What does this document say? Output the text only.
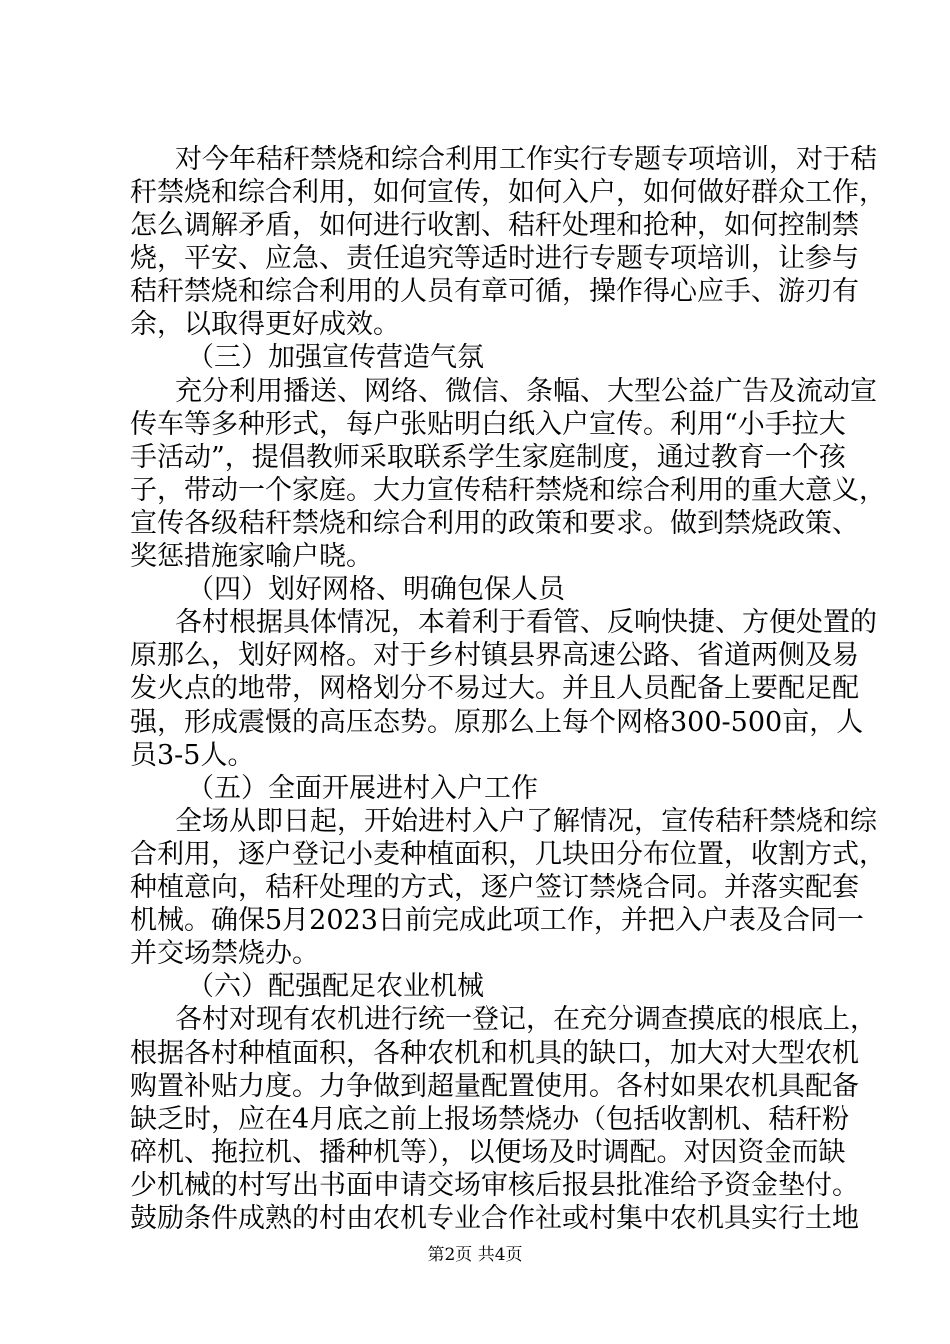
对今年秸秆禁烧和综合利用工作实行专题专项培训，对于秸
秆禁烧和综合利用，如何宣传，如何入户，如何做好群众工作，
怎么调解矛盾，如何进行收割、秸秆处理和抢种，如何控制禁
烧，平安、应急、责任追究等适时进行专题专项培训，让参与
秸秆禁烧和综合利用的人员有章可循，操作得心应手、游刃有
余，以取得更好成效。
（三）加强宣传营造气氛
充分利用播送、网络、微信、条幅、大型公益广告及流动宣
传车等多种形式，每户张贴明白纸入户宣传。利用“小手拉大
手活动”，提倡教师采取联系学生家庭制度，通过教育一个孩
子，带动一个家庭。大力宣传秸秆禁烧和综合利用的重大意义，
宣传各级秸秆禁烧和综合利用的政策和要求。做到禁烧政策、
奖惩措施家喻户晓。
（四）划好网格、明确包保人员
各村根据具体情况，本着利于看管、反响快捷、方便处置的
原那么，划好网格。对于乡村镇县界高速公路、省道两侧及易
发火点的地带，网格划分不易过大。并且人员配备上要配足配
强，形成震慑的高压态势。原那么上每个网格300-500亩，人
员3-5人。
（五）全面开展进村入户工作
全场从即日起，开始进村入户了解情况，宣传秸秆禁烧和综
合利用，逐户登记小麦种植面积，几块田分布位置，收割方式，
种植意向，秸秆处理的方式，逐户签订禁烧合同。并落实配套
机械。确保5月2023日前完成此项工作，并把入户表及合同一
并交场禁烧办。
（六）配强配足农业机械
各村对现有农机进行统一登记，在充分调查摸底的根底上，
根据各村种植面积，各种农机和机具的缺口，加大对大型农机
购置补贴力度。力争做到超量配置使用。各村如果农机具配备
缺乏时，应在4月底之前上报场禁烧办（包括收割机、秸秆粉
碎机、拖拉机、播种机等），以便场及时调配。对因资金而缺
少机械的村写出书面申请交场审核后报县批准给予资金垫付。
鼓励条件成熟的村由农机专业合作社或村集中农机具实行土地
第2页 共4页
